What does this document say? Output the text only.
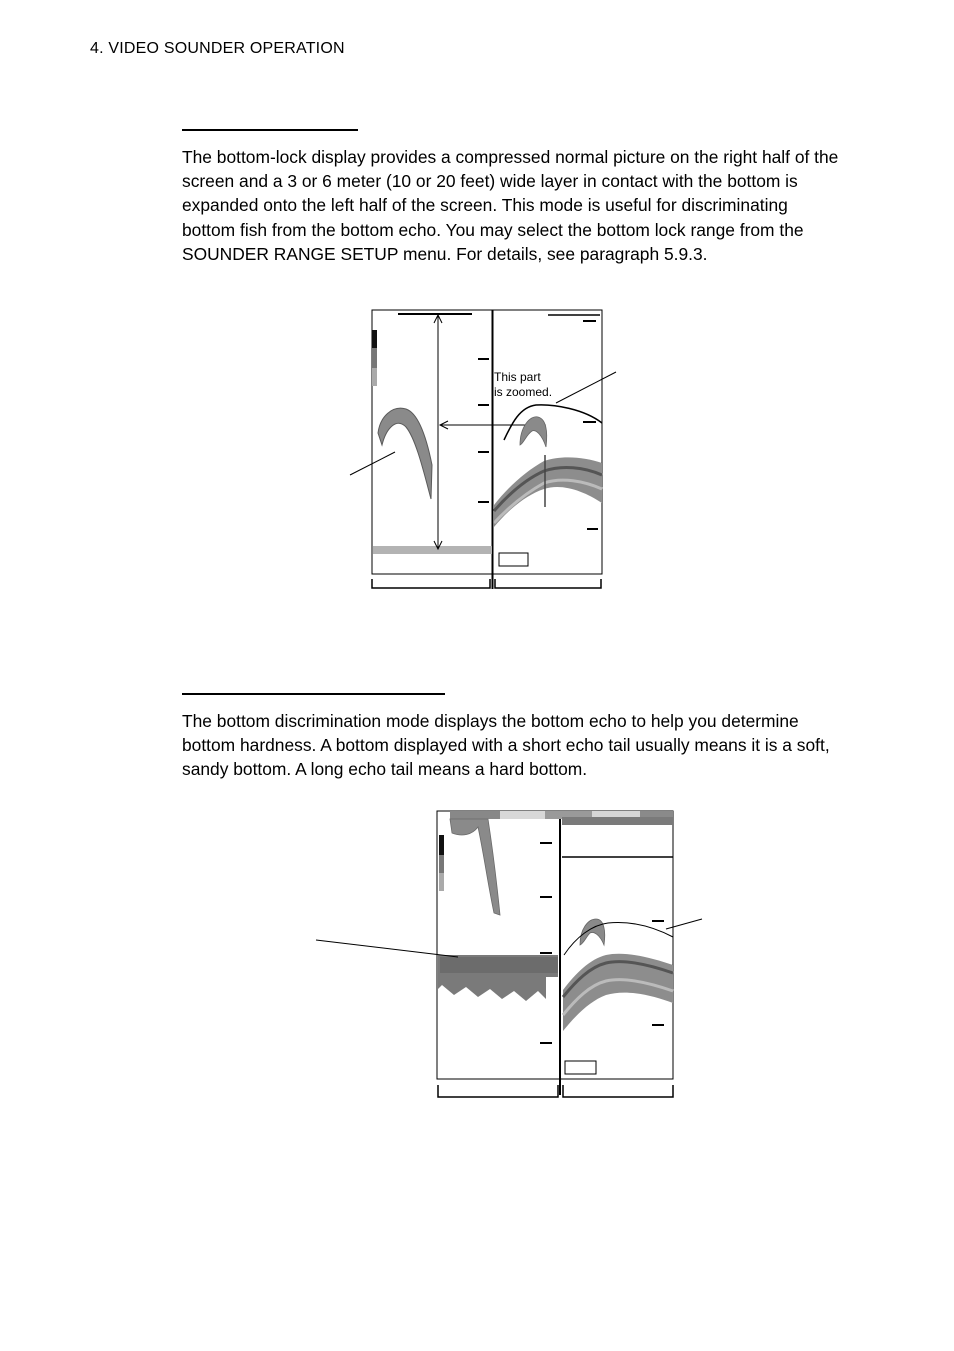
4. VIDEO SOUNDER OPERATION

The bottom-lock display provides a compressed normal picture on the right half of the screen and a 3 or 6 meter (10 or 20 feet) wide layer in contact with the bottom is expanded onto the left half of the screen. This mode is useful for discriminating bottom fish from the bottom echo. You may select the bottom lock range from the SOUNDER RANGE SETUP menu. For details, see paragraph 5.9.3.

This part
is zoomed.

The bottom discrimination mode displays the bottom echo to help you determine bottom hardness. A bottom displayed with a short echo tail usually means it is a soft, sandy bottom. A long echo tail means a hard bottom.
